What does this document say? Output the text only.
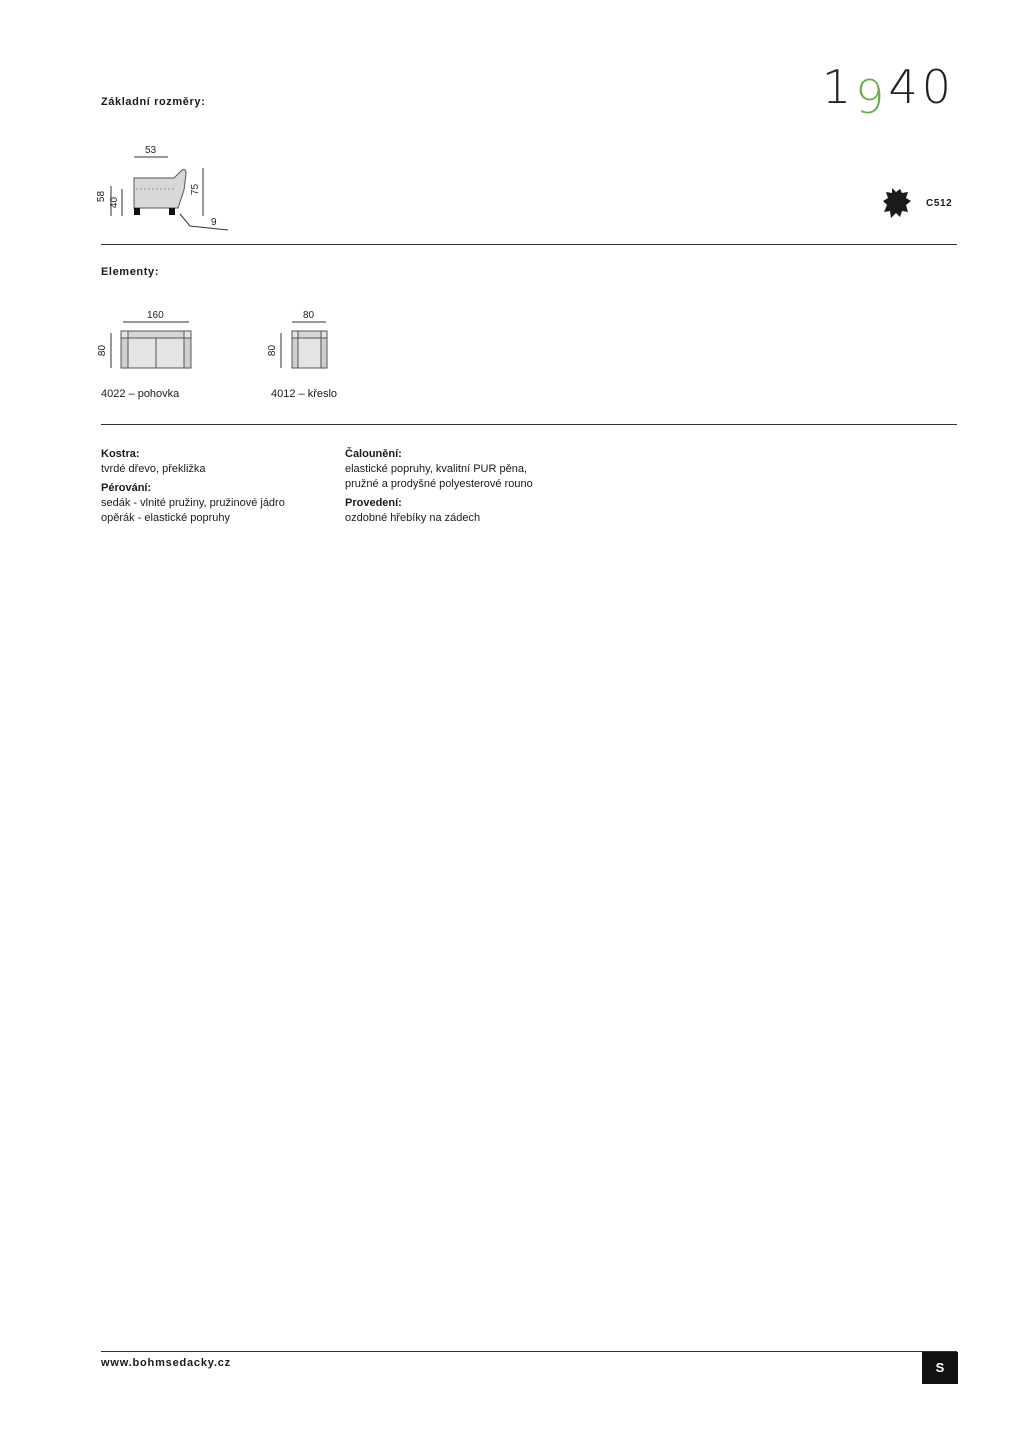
Základní rozměry:	1940
53
58
40
75
9
C512
Elementy:
160
80
4022 – pohovka
80
80
4012 – křeslo

Kostra:

tvrdé dřevo, překližka

Pérování:

sedák - vlnité pružiny, pružinové jádro

opěrák - elastické popruhy

Čalounění:

elastické popruhy, kvalitní PUR pěna,

pružné a prodyšné polyesterové rouno

Provedení:

ozdobné hřebíky na zádech

www.bohmsedacky.cz	S
